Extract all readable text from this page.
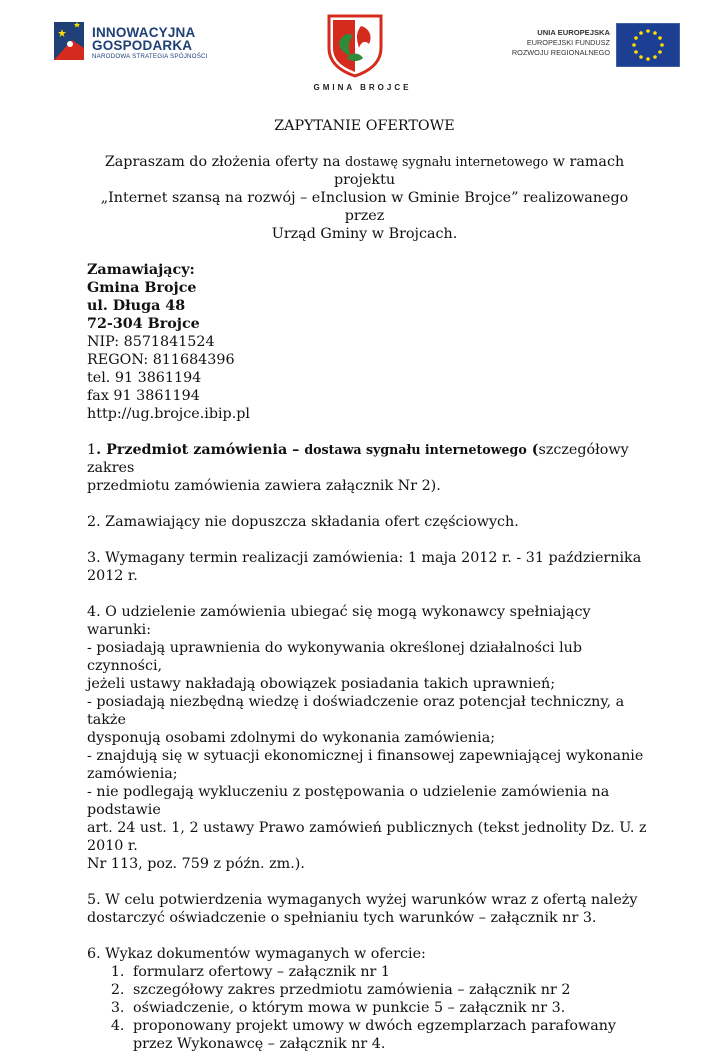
INNOWACYJNA
GOSPODARKA
NARODOWA STRATEGIA SPÓJNOŚCI
GMINA BROJCE
UNIA EUROPEJSKA
EUROPEJSKI FUNDUSZ
ROZWOJU REGIONALNEGO

ZAPYTANIE OFERTOWE

Zapraszam do złożenia oferty na dostawę sygnału internetowego w ramach projektu
„Internet szansą na rozwój – eInclusion w Gminie Brojce” realizowanego przez
Urząd Gminy w Brojcach.

Zamawiający:

Gmina Brojce

ul. Długa 48

72-304 Brojce

NIP: 8571841524

REGON: 811684396

tel. 91 3861194

fax 91 3861194

http://ug.brojce.ibip.pl

1. Przedmiot zamówienia – dostawa sygnału internetowego (szczegółowy zakres

przedmiotu zamówienia zawiera załącznik Nr 2).

2. Zamawiający nie dopuszcza składania ofert częściowych.

3. Wymagany termin realizacji zamówienia: 1 maja 2012 r. - 31 października 2012 r.

4. O udzielenie zamówienia ubiegać się mogą wykonawcy spełniający warunki:

- posiadają uprawnienia do wykonywania określonej działalności lub czynności,

jeżeli ustawy nakładają obowiązek posiadania takich uprawnień;

- posiadają niezbędną wiedzę i doświadczenie oraz potencjał techniczny, a także

dysponują osobami zdolnymi do wykonania zamówienia;

- znajdują się w sytuacji ekonomicznej i finansowej zapewniającej wykonanie

zamówienia;

- nie podlegają wykluczeniu z postępowania o udzielenie zamówienia na podstawie

art. 24 ust. 1, 2 ustawy Prawo zamówień publicznych (tekst jednolity Dz. U. z 2010 r.

Nr 113, poz. 759 z późn. zm.).

5. W celu potwierdzenia wymaganych wyżej warunków wraz z ofertą należy

dostarczyć oświadczenie o spełnianiu tych warunków – załącznik nr 3.

6. Wykaz dokumentów wymaganych w ofercie:

1. formularz ofertowy – załącznik nr 1
2. szczegółowy zakres przedmiotu zamówienia – załącznik nr 2
3. oświadczenie, o którym mowa w punkcie 5 – załącznik nr 3.
4. proponowany projekt umowy w dwóch egzemplarzach parafowany przez Wykonawcę – załącznik nr 4.
